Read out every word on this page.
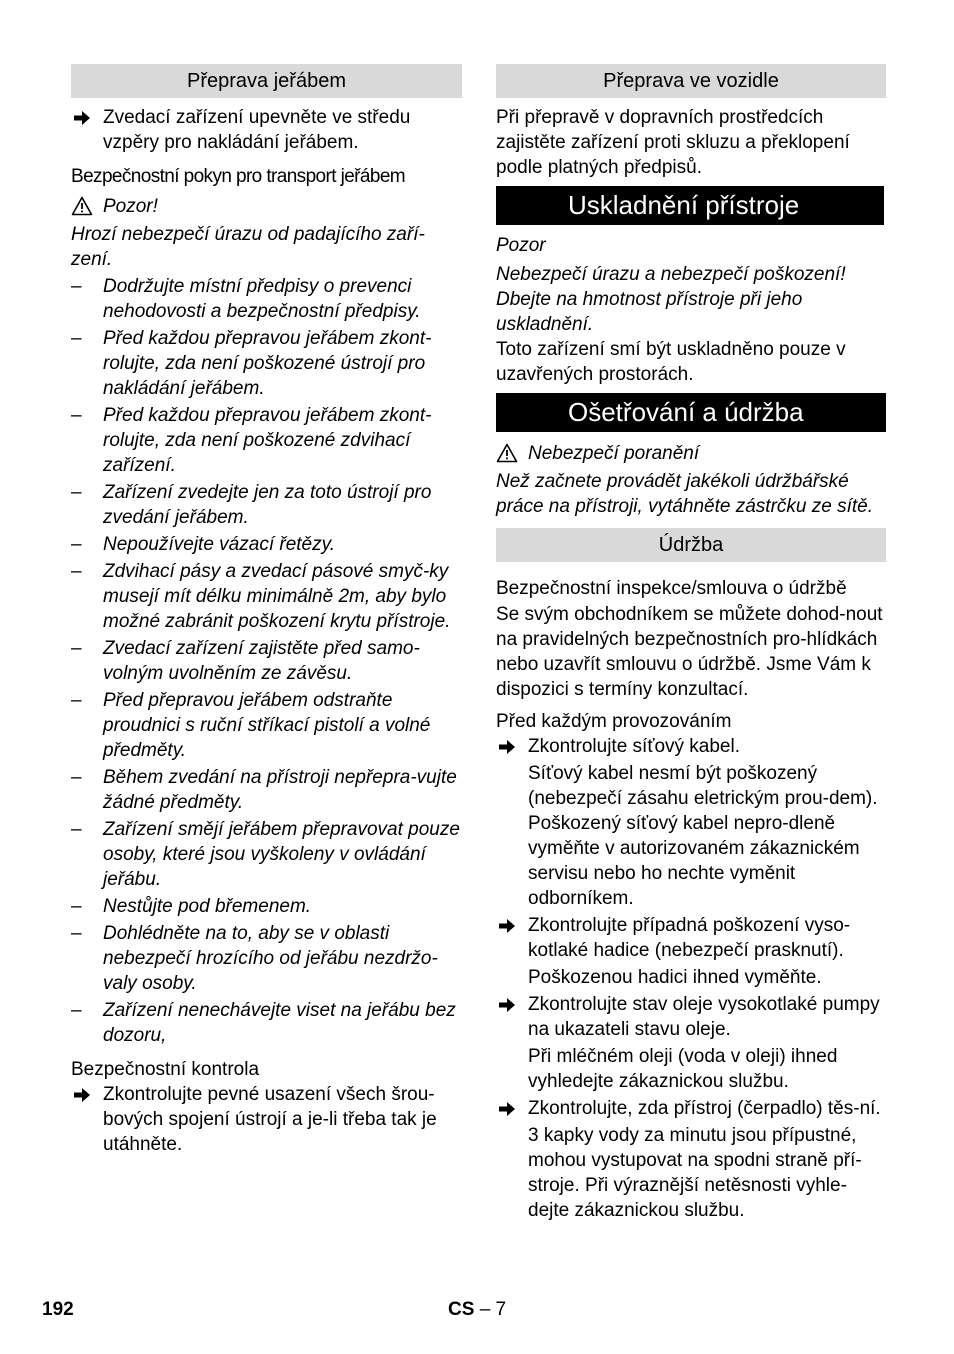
Přeprava jeřábem

Zvedací zařízení upevněte ve středu vzpěry pro nakládání jeřábem.

Bezpečnostní pokyn pro transport jeřábem

Pozor!

Hrozí nebezpečí úrazu od padajícího zaří-zení.

– Dodržujte místní předpisy o prevenci nehodovosti a bezpečnostní předpisy.

– Před každou přepravou jeřábem zkont-rolujte, zda není poškozené ústrojí pro nakládání jeřábem.

– Před každou přepravou jeřábem zkont-rolujte, zda není poškozené zdvihací zařízení.

– Zařízení zvedejte jen za toto ústrojí pro zvedání jeřábem.

– Nepoužívejte vázací řetězy.

– Zdvihací pásy a zvedací pásové smyč-ky musejí mít délku minimálně 2m, aby bylo možné zabránit poškození krytu přístroje.

– Zvedací zařízení zajistěte před samo-volným uvolněním ze závěsu.

– Před přepravou jeřábem odstraňte proudnici s ruční stříkací pistolí a volné předměty.

– Během zvedání na přístroji nepřepra-vujte žádné předměty.

– Zařízení smějí jeřábem přepravovat pouze osoby, které jsou vyškoleny v ovládání jeřábu.

– Nestůjte pod břemenem.

– Dohlédněte na to, aby se v oblasti nebezpečí hrozícího od jeřábu nezdržo-valy osoby.

– Zařízení nenechávejte viset na jeřábu bez dozoru,

Bezpečnostní kontrola

Zkontrolujte pevné usazení všech šrou-bových spojení ústrojí a je-li třeba tak je utáhněte.

Přeprava ve vozidle

Při přepravě v dopravních prostředcích zajistěte zařízení proti skluzu a překlopení podle platných předpisů.

Uskladnění přístroje

Pozor

Nebezpečí úrazu a nebezpečí poškození! Dbejte na hmotnost přístroje při jeho uskladnění.

Toto zařízení smí být uskladněno pouze v uzavřených prostorách.

Ošetřování a údržba

Nebezpečí poranění

Než začnete provádět jakékoli údržbářské práce na přístroji, vytáhněte zástrčku ze sítě.

Údržba

Bezpečnostní inspekce/smlouva o údržbě

Se svým obchodníkem se můžete dohod-nout na pravidelných bezpečnostních pro-hlídkách nebo uzavřít smlouvu o údržbě. Jsme Vám k dispozici s termíny konzultací.

Před každým provozováním

Zkontrolujte síťový kabel.

Síťový kabel nesmí být poškozený (nebezpečí zásahu eletrickým prou-dem). Poškozený síťový kabel nepro-dleně vyměňte v autorizovaném zákaznickém servisu nebo ho nechte vyměnit odborníkem.

Zkontrolujte případná poškození vyso-kotlaké hadice (nebezpečí prasknutí).

Poškozenou hadici ihned vyměňte.

Zkontrolujte stav oleje vysokotlaké pumpy na ukazateli stavu oleje.

Při mléčném oleji (voda v oleji) ihned vyhledejte zákaznickou službu.

Zkontrolujte, zda přístroj (čerpadlo) těs-ní.

3 kapky vody za minutu jsou přípustné, mohou vystupovat na spodni straně pří-stroje. Při výraznější netěsnosti vyhle-dejte zákaznickou službu.

192	CS – 7
